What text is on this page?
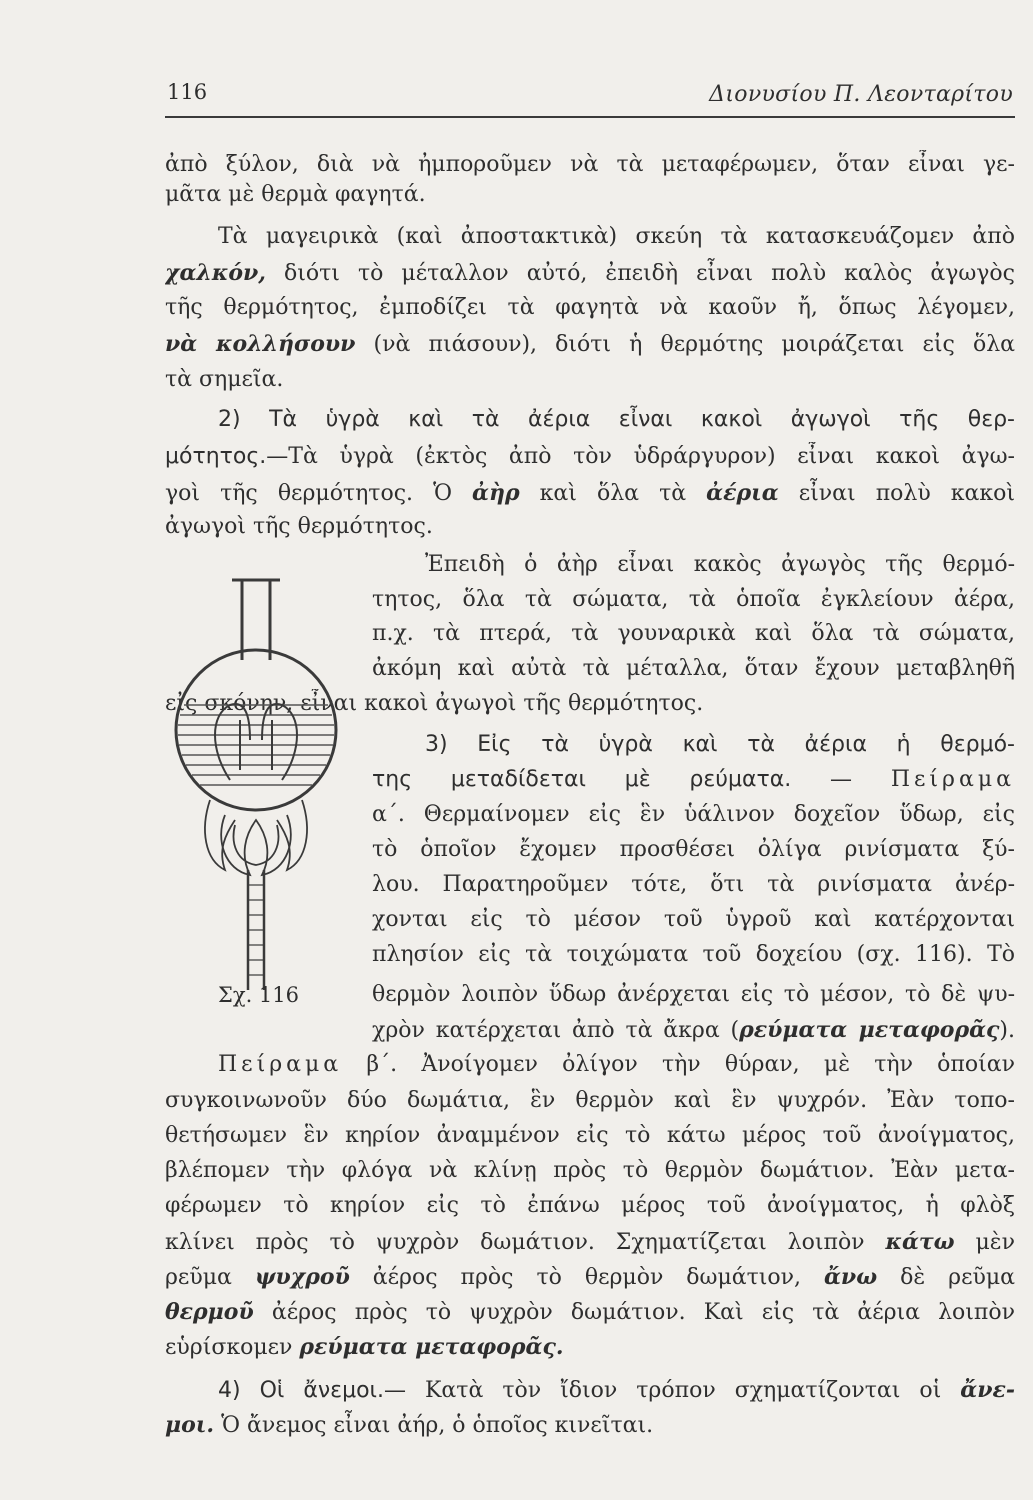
116	Διονυσίου Π. Λεονταρίτου
ἀπὸ ξύλον, διὰ νὰ ἠμποροῦμεν νὰ τὰ μεταφέρωμεν, ὅταν εἶναι γε-
μᾶτα μὲ θερμὰ φαγητά.
Τὰ μαγειρικὰ (καὶ ἀποστακτικὰ) σκεύη τὰ κατασκευάζομεν ἀπὸ
χαλκόν, διότι τὸ μέταλλον αὐτό, ἐπειδὴ εἶναι πολὺ καλὸς ἀγωγὸς
τῆς θερμότητος, ἐμποδίζει τὰ φαγητὰ νὰ καοῦν ἤ, ὅπως λέγομεν,
νὰ κολλήσουν (νὰ πιάσουν), διότι ἡ θερμότης μοιράζεται εἰς ὅλα
τὰ σημεῖα.
2) Τὰ ὑγρὰ καὶ τὰ ἀέρια εἶναι κακοὶ ἀγωγοὶ τῆς θερ-
μότητος.—Τὰ ὑγρὰ (ἐκτὸς ἀπὸ τὸν ὑδράργυρον) εἶναι κακοὶ ἀγω-
γοὶ τῆς θερμότητος. Ὁ ἀὴρ καὶ ὅλα τὰ ἀέρια εἶναι πολὺ κακοὶ
ἀγωγοὶ τῆς θερμότητος.
Ἐπειδὴ ὁ ἀὴρ εἶναι κακὸς ἀγωγὸς τῆς θερμό-
τητος, ὅλα τὰ σώματα, τὰ ὁποῖα ἐγκλείουν ἀέρα,
π.χ. τὰ πτερά, τὰ γουναρικὰ καὶ ὅλα τὰ σώματα,
ἀκόμη καὶ αὐτὰ τὰ μέταλλα, ὅταν ἔχουν μεταβληθῆ
εἰς σκόνην, εἶναι κακοὶ ἀγωγοὶ τῆς θερμότητος.
3) Εἰς τὰ ὑγρὰ καὶ τὰ ἀέρια ἡ θερμό-
της μεταδίδεται μὲ ρεύματα. — Πείραμα
α΄. Θερμαίνομεν εἰς ἓν ὑάλινον δοχεῖον ὕδωρ, εἰς
τὸ ὁποῖον ἔχομεν προσθέσει ὀλίγα ρινίσματα ξύ-
λου. Παρατηροῦμεν τότε, ὅτι τὰ ρινίσματα ἀνέρ-
χονται εἰς τὸ μέσον τοῦ ὑγροῦ καὶ κατέρχονται
πλησίον εἰς τὰ τοιχώματα τοῦ δοχείου (σχ. 116). Τὸ
θερμὸν λοιπὸν ὕδωρ ἀνέρχεται εἰς τὸ μέσον, τὸ δὲ ψυ-
χρὸν κατέρχεται ἀπὸ τὰ ἄκρα (ρεύματα μεταφορᾶς).
Πείραμα β΄. Ἀνοίγομεν ὀλίγον τὴν θύραν, μὲ τὴν ὁποίαν
συγκοινωνοῦν δύο δωμάτια, ἓν θερμὸν καὶ ἓν ψυχρόν. Ἐὰν τοπο-
θετήσωμεν ἓν κηρίον ἀναμμένον εἰς τὸ κάτω μέρος τοῦ ἀνοίγματος,
βλέπομεν τὴν φλόγα νὰ κλίνῃ πρὸς τὸ θερμὸν δωμάτιον. Ἐὰν μετα-
φέρωμεν τὸ κηρίον εἰς τὸ ἐπάνω μέρος τοῦ ἀνοίγματος, ἡ φλὸξ
κλίνει πρὸς τὸ ψυχρὸν δωμάτιον. Σχηματίζεται λοιπὸν κάτω μὲν
ρεῦμα ψυχροῦ ἀέρος πρὸς τὸ θερμὸν δωμάτιον, ἄνω δὲ ρεῦμα
θερμοῦ ἀέρος πρὸς τὸ ψυχρὸν δωμάτιον. Καὶ εἰς τὰ ἀέρια λοιπὸν
εὑρίσκομεν ρεύματα μεταφορᾶς.
4) Οἱ ἄνεμοι.— Κατὰ τὸν ἴδιον τρόπον σχηματίζονται οἱ ἄνε-
μοι. Ὁ ἄνεμος εἶναι ἀήρ, ὁ ὁποῖος κινεῖται.
Σχ. 116
